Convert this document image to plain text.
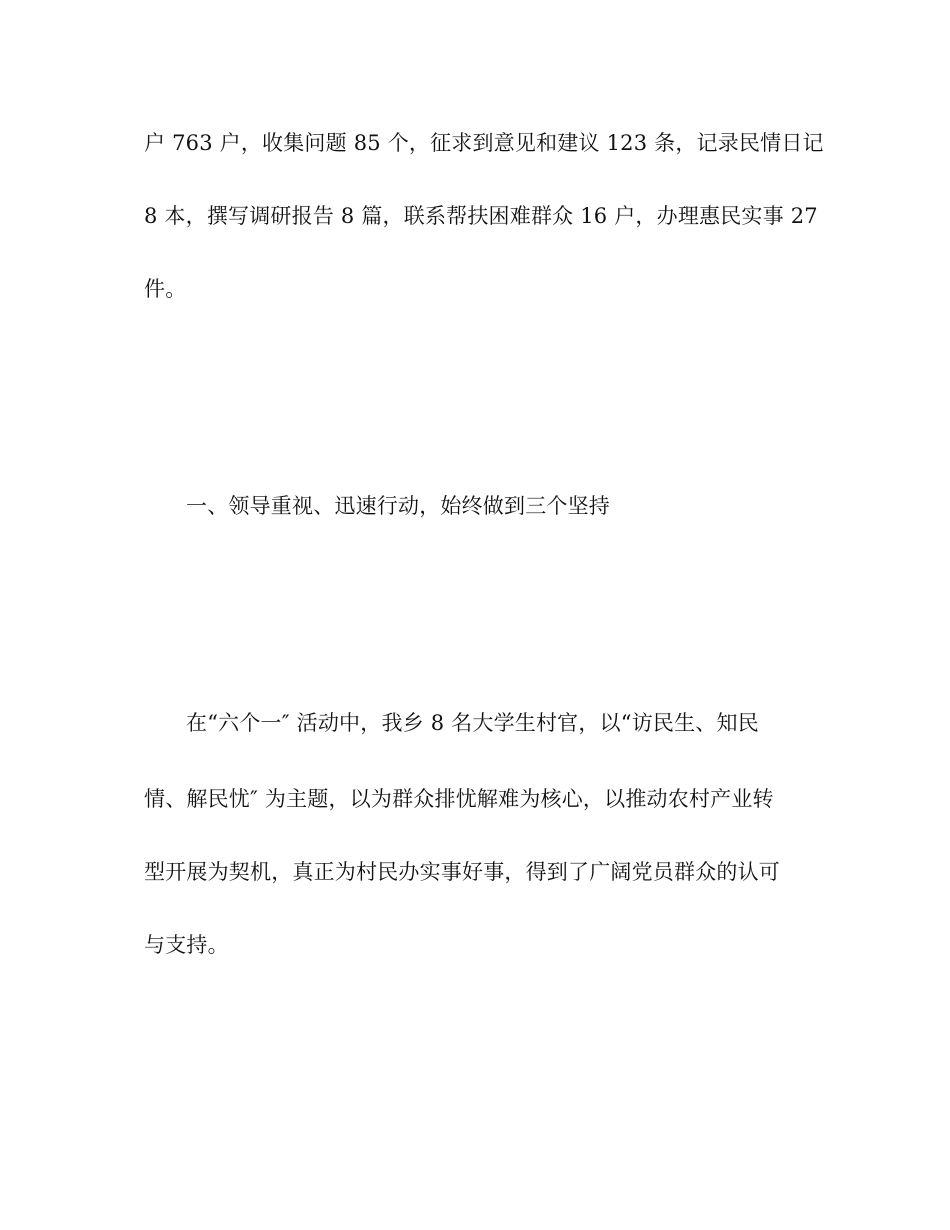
户 763 户，收集问题 85 个，征求到意见和建议 123 条，记录民情日记
8 本，撰写调研报告 8 篇，联系帮扶困难群众 16 户，办理惠民实事 27
件。
一、领导重视、迅速行动，始终做到三个坚持
在“六个一″ 活动中，我乡 8 名大学生村官，以“访民生、知民
情、解民忧″ 为主题，以为群众排忧解难为核心，以推动农村产业转
型开展为契机，真正为村民办实事好事，得到了广阔党员群众的认可
与支持。
